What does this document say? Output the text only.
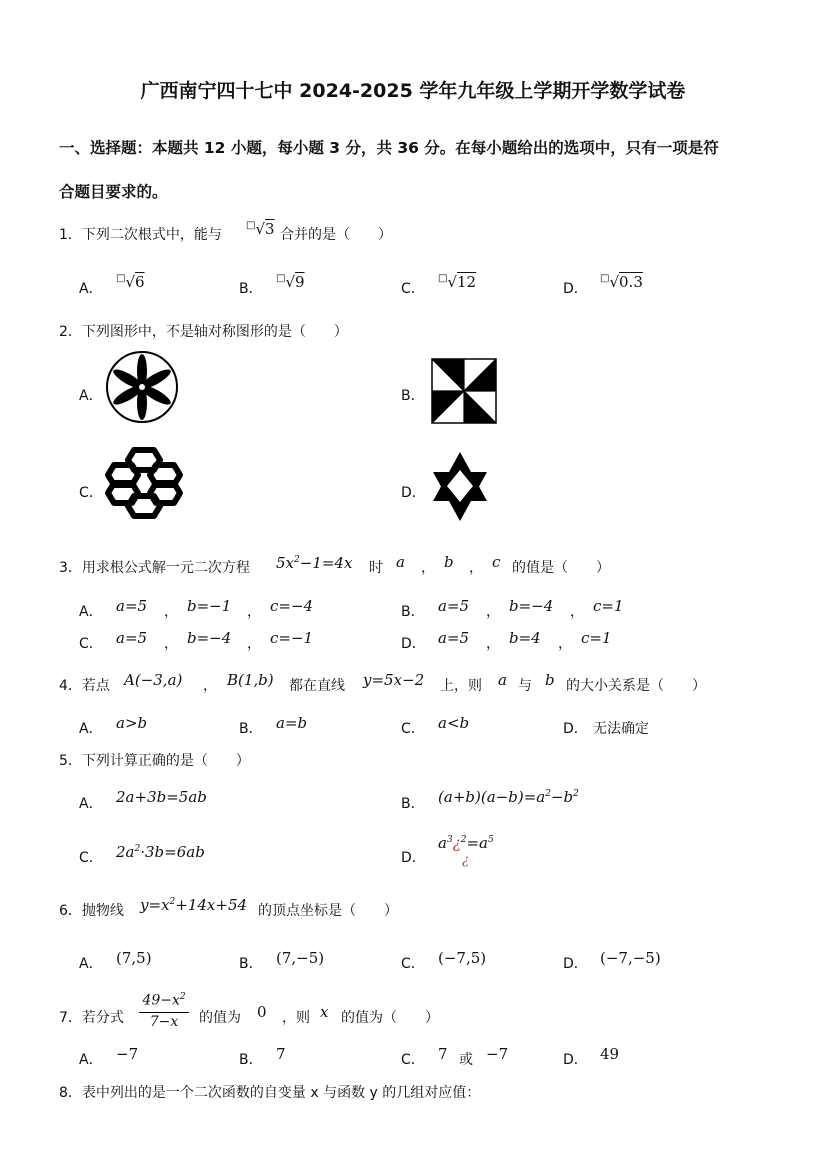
广西南宁四十七中 2024-2025 学年九年级上学期开学数学试卷
一、选择题：本题共 12 小题，每小题 3 分，共 36 分。在每小题给出的选项中，只有一项是符
合题目要求的。
1．下列二次根式中，能与
□√3 合并的是（　　）
A．
□√6	B．
□√9	C．
□√12	D．
□√0.3
2．下列图形中，不是轴对称图形的是（　　）
A．	B．
C．	D．
3．用求根公式解一元二次方程 $5x^2-1=4x$ 时 a ， b ， c 的值是（　　）
A． a=5 ， b=−1 ， c=−4	B． a=5 ， b=−4 ， c=1
C． a=5 ， b=−4 ， c=−1	D． a=5 ， b=4 ， c=1
4．若点 A(−3,a) ， B(1,b) 都在直线 y=5x−2 上，则 a 与 b 的大小关系是（　　）
A． a>b	B． a=b	C． a<b	D． 无法确定
5．下列计算正确的是（　　）
A． 2a+3b=5ab	B． $(a+b)(a-b)=a^2-b^2$
C． $2a^2\cdot 3b=6ab$	D．
$a^3¿^2=a^5$
¿
6．抛物线 $y=x^2+14x+54$ 的顶点坐标是（　　）
A． (7,5)	B． (7,−5)	C． (−7,5)	D． (−7,−5)
7．若分式
$49-x^2$
7−x	的值为 0 ，则 x 的值为（　　）
A． −7	B． 7	C． 7 或 −7	D． 49
8．表中列出的是一个二次函数的自变量 x 与函数 y 的几组对应值：
